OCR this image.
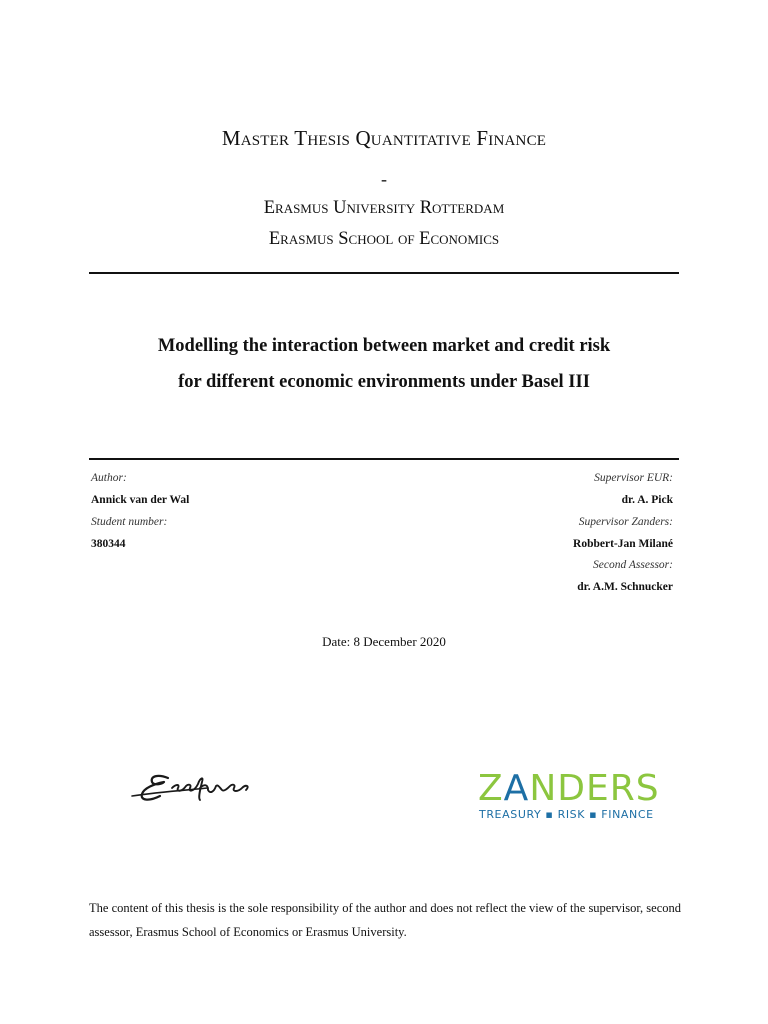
Master Thesis Quantitative Finance
-
Erasmus University Rotterdam
Erasmus School of Economics
Modelling the interaction between market and credit risk
for different economic environments under Basel III
Author:
Annick van der Wal
Student number:
380344
Supervisor EUR:
dr. A. Pick
Supervisor Zanders:
Robbert-Jan Milané
Second Assessor:
dr. A.M. Schnucker
Date: 8 December 2020
ZANDERS
TREASURY ▪ RISK ▪ FINANCE
The content of this thesis is the sole responsibility of the author and does not reflect the view of the supervisor, second assessor, Erasmus School of Economics or Erasmus University.
